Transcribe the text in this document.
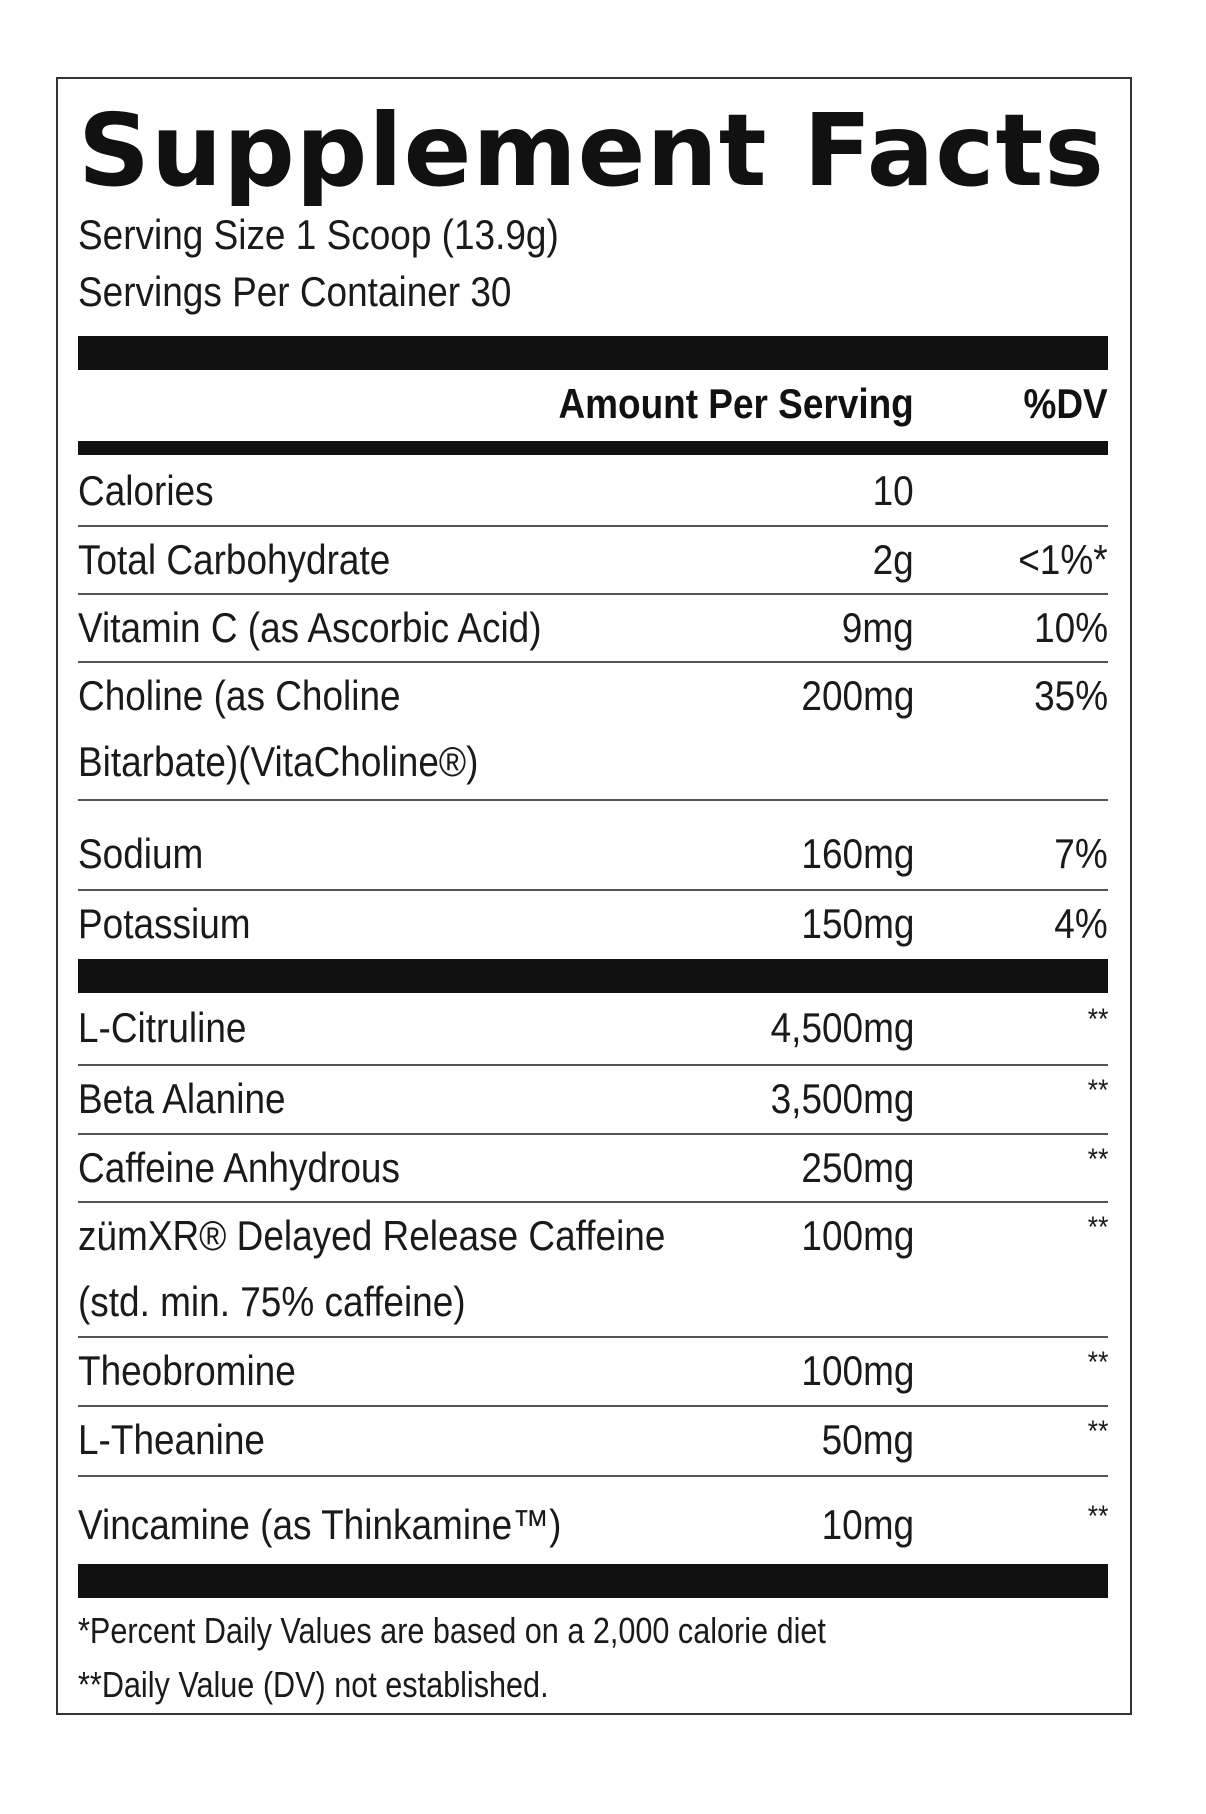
Supplement Facts
Serving Size 1 Scoop (13.9g)
Servings Per Container 30
Amount Per Serving	%DV
Calories	10
Total Carbohydrate	2g <1%*
Vitamin C (as Ascorbic Acid)	9mg	10%
Choline (as Choline
Bitarbate)(VitaCholine®)
200mg	35%
Sodium	160mg	7%
Potassium	150mg	4%
L-Citruline	4,500mg	**
Beta Alanine	3,500mg	**
Caffeine Anhydrous	250mg	**
zümXR® Delayed Release Caffeine
(std. min. 75% caffeine)
100mg	**
Theobromine	100mg	**
L-Theanine	50mg	**
Vincamine (as Thinkamine™)	10mg	**
*Percent Daily Values are based on a 2,000 calorie diet
**Daily Value (DV) not established.
